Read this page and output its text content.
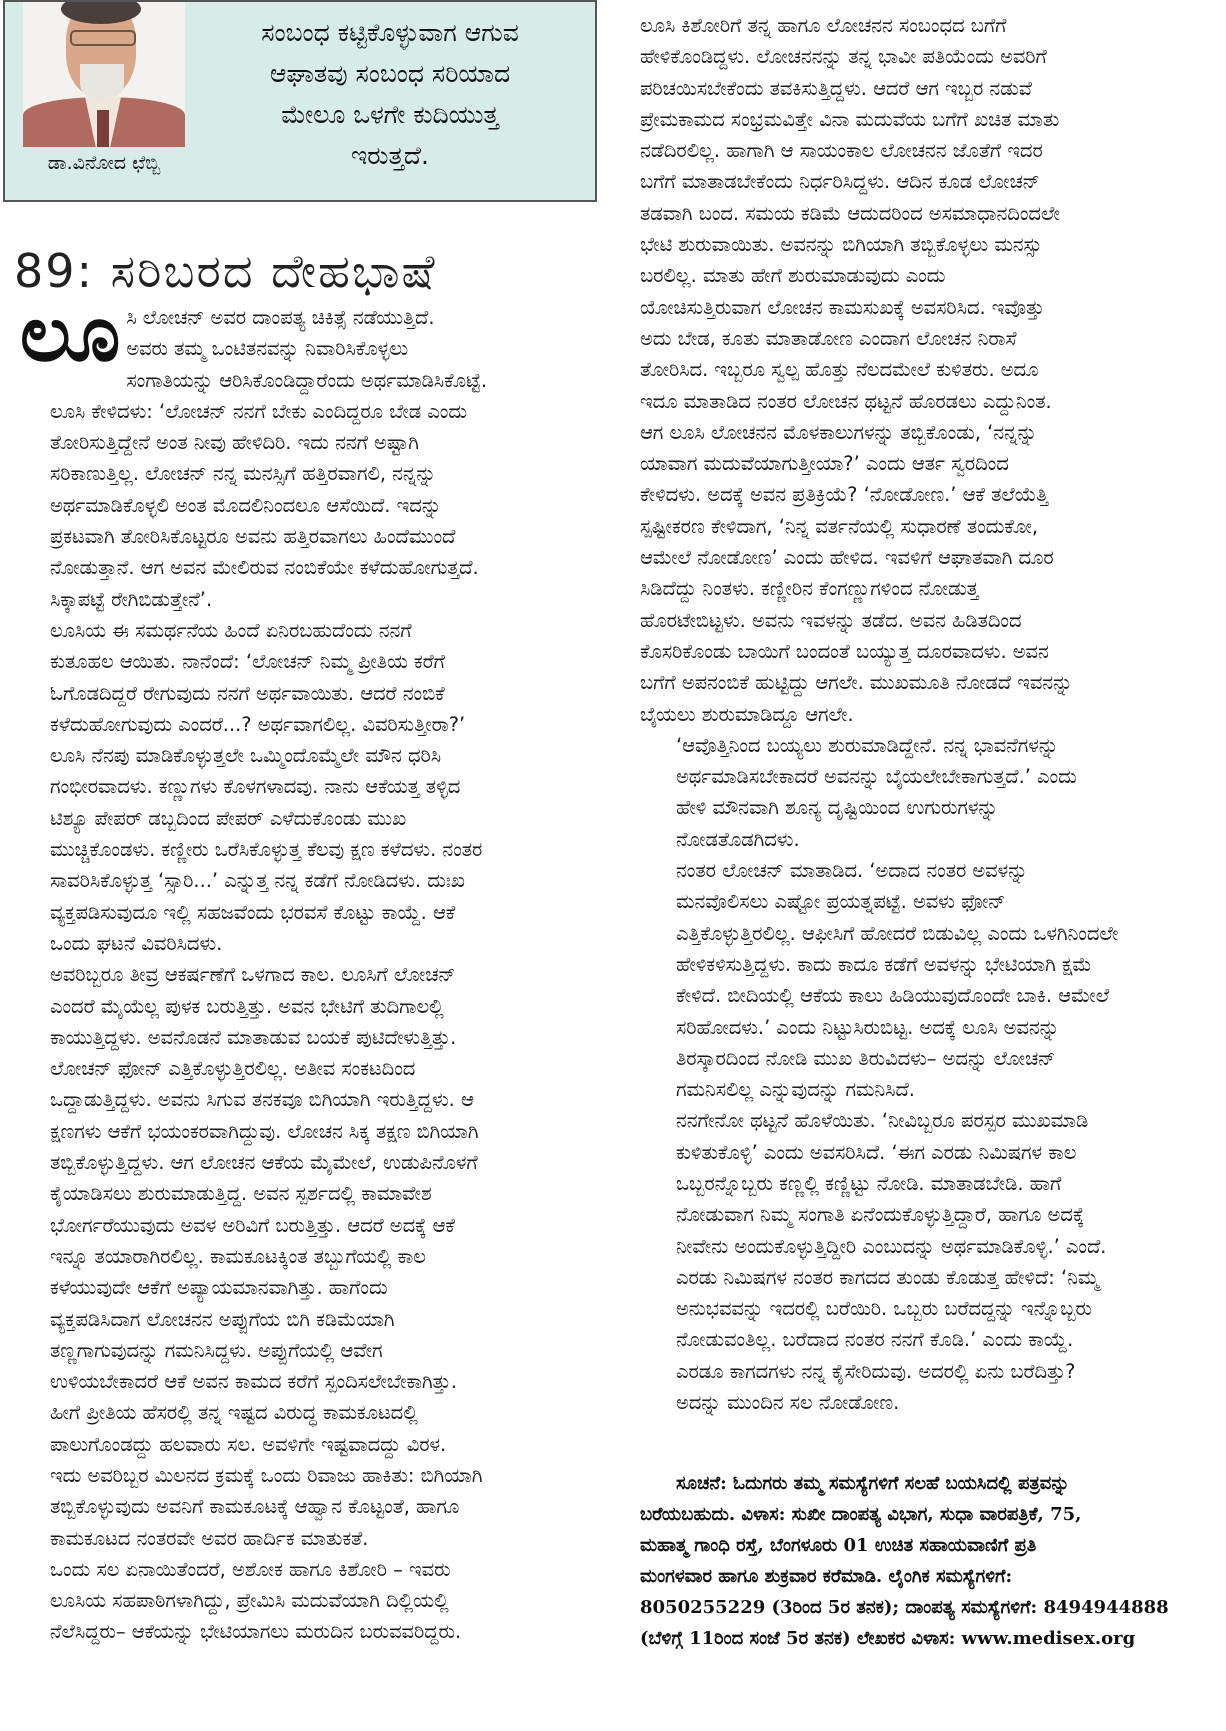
ಡಾ.ವಿನೋದ ಛೆಬ್ಬಿ
ಸಂಬಂಧ ಕಟ್ಟಿಕೊಳ್ಳುವಾಗ ಆಗುವ
ಆಘಾತವು ಸಂಬಂಧ ಸರಿಯಾದ
ಮೇಲೂ ಒಳಗೇ ಕುದಿಯುತ್ತ
ಇರುತ್ತದೆ.
89: ಸರಿಬರದ ದೇಹಭಾಷೆ

ಲೂ ಸಿ ಲೋಚನ್ ಅವರ ದಾಂಪತ್ಯ ಚಿಕಿತ್ಸೆ ನಡೆಯುತ್ತಿದೆ.
ಅವರು ತಮ್ಮ ಒಂಟಿತನವನ್ನು ನಿವಾರಿಸಿಕೊಳ್ಳಲು
ಸಂಗಾತಿಯನ್ನು ಆರಿಸಿಕೊಂಡಿದ್ದಾರೆಂದು ಅರ್ಥಮಾಡಿಸಿಕೊಟ್ಟೆ.

ಲೂಸಿ ಕೇಳಿದಳು: ‘ಲೋಚನ್ ನನಗೆ ಬೇಕು ಎಂದಿದ್ದರೂ ಬೇಡ ಎಂದು
ತೋರಿಸುತ್ತಿದ್ದೇನೆ ಅಂತ ನೀವು ಹೇಳಿದಿರಿ. ಇದು ನನಗೆ ಅಷ್ಟಾಗಿ
ಸರಿಕಾಣುತ್ತಿಲ್ಲ. ಲೋಚನ್ ನನ್ನ ಮನಸ್ಸಿಗೆ ಹತ್ತಿರವಾಗಲಿ, ನನ್ನನ್ನು
ಅರ್ಥಮಾಡಿಕೊಳ್ಳಲಿ ಅಂತ ಮೊದಲಿನಿಂದಲೂ ಆಸೆಯಿದೆ. ಇದನ್ನು
ಪ್ರಕಟವಾಗಿ ತೋರಿಸಿಕೊಟ್ಟರೂ ಅವನು ಹತ್ತಿರವಾಗಲು ಹಿಂದೆಮುಂದೆ
ನೋಡುತ್ತಾನೆ. ಆಗ ಅವನ ಮೇಲಿರುವ ನಂಬಿಕೆಯೇ ಕಳೆದುಹೋಗುತ್ತದೆ.
ಸಿಕ್ಕಾಪಟ್ಟೆ ರೇಗಿಬಿಡುತ್ತೇನೆ’.

ಲೂಸಿಯ ಈ ಸಮರ್ಥನೆಯ ಹಿಂದೆ ಏನಿರಬಹುದೆಂದು ನನಗೆ
ಕುತೂಹಲ ಆಯಿತು. ನಾನೆಂದೆ: ‘ಲೋಚನ್ ನಿಮ್ಮ ಪ್ರೀತಿಯ ಕರೆಗೆ
ಓಗೊಡದಿದ್ದರೆ ರೇಗುವುದು ನನಗೆ ಅರ್ಥವಾಯಿತು. ಆದರೆ ನಂಬಿಕೆ
ಕಳೆದುಹೋಗುವುದು ಎಂದರೆ...? ಅರ್ಥವಾಗಲಿಲ್ಲ. ವಿವರಿಸುತ್ತೀರಾ?’

ಲೂಸಿ ನೆನಪು ಮಾಡಿಕೊಳ್ಳುತ್ತಲೇ ಒಮ್ಮಿಂದೊಮ್ಮೆಲೇ ಮೌನ ಧರಿಸಿ
ಗಂಭೀರವಾದಳು. ಕಣ್ಣುಗಳು ಕೊಳಗಳಾದವು. ನಾನು ಆಕೆಯತ್ತ ತಳ್ಳಿದ
ಟಿಶ್ಯೂ ಪೇಪರ್ ಡಬ್ಬದಿಂದ ಪೇಪರ್ ಎಳೆದುಕೊಂಡು ಮುಖ
ಮುಚ್ಚಿಕೊಂಡಳು. ಕಣ್ಣೀರು ಒರೆಸಿಕೊಳ್ಳುತ್ತ ಕೆಲವು ಕ್ಷಣ ಕಳೆದಳು. ನಂತರ
ಸಾವರಿಸಿಕೊಳ್ಳುತ್ತ ‘ಸ್ಸಾರಿ...’ ಎನ್ನುತ್ತ ನನ್ನ ಕಡೆಗೆ ನೋಡಿದಳು. ದುಃಖ
ವ್ಯಕ್ತಪಡಿಸುವುದೂ ಇಲ್ಲಿ ಸಹಜವೆಂದು ಭರವಸೆ ಕೊಟ್ಟು ಕಾಯ್ದೆ. ಆಕೆ
ಒಂದು ಘಟನೆ ವಿವರಿಸಿದಳು.

ಅವರಿಬ್ಬರೂ ತೀವ್ರ ಆಕರ್ಷಣೆಗೆ ಒಳಗಾದ ಕಾಲ. ಲೂಸಿಗೆ ಲೋಚನ್
ಎಂದರೆ ಮೈಯೆಲ್ಲ ಪುಳಕ ಬರುತ್ತಿತ್ತು. ಅವನ ಭೇಟಿಗೆ ತುದಿಗಾಲಲ್ಲಿ
ಕಾಯುತ್ತಿದ್ದಳು. ಅವನೊಡನೆ ಮಾತಾಡುವ ಬಯಕೆ ಪುಟಿದೇಳುತ್ತಿತ್ತು.
ಲೋಚನ್ ಫೋನ್ ಎತ್ತಿಕೊಳ್ಳುತ್ತಿರಲಿಲ್ಲ. ಅತೀವ ಸಂಕಟದಿಂದ
ಒದ್ದಾಡುತ್ತಿದ್ದಳು. ಅವನು ಸಿಗುವ ತನಕವೂ ಬಿಗಿಯಾಗಿ ಇರುತ್ತಿದ್ದಳು. ಆ
ಕ್ಷಣಗಳು ಆಕೆಗೆ ಭಯಂಕರವಾಗಿದ್ದುವು. ಲೋಚನ ಸಿಕ್ಕ ತಕ್ಷಣ ಬಿಗಿಯಾಗಿ
ತಬ್ಬಿಕೊಳ್ಳುತ್ತಿದ್ದಳು. ಆಗ ಲೋಚನ ಆಕೆಯ ಮೈಮೇಲೆ, ಉಡುಪಿನೊಳಗೆ
ಕೈಯಾಡಿಸಲು ಶುರುಮಾಡುತ್ತಿದ್ದ. ಅವನ ಸ್ಪರ್ಶದಲ್ಲಿ ಕಾಮಾವೇಶ
ಭೋರ್ಗರೆಯುವುದು ಅವಳ ಅರಿವಿಗೆ ಬರುತ್ತಿತ್ತು. ಆದರೆ ಅದಕ್ಕೆ ಆಕೆ
ಇನ್ನೂ ತಯಾರಾಗಿರಲಿಲ್ಲ. ಕಾಮಕೂಟಕ್ಕಿಂತ ತಬ್ಬುಗೆಯಲ್ಲಿ ಕಾಲ
ಕಳೆಯುವುದೇ ಆಕೆಗೆ ಅಪ್ಯಾಯಮಾನವಾಗಿತ್ತು. ಹಾಗೆಂದು
ವ್ಯಕ್ತಪಡಿಸಿದಾಗ ಲೋಚನನ ಅಪ್ಪುಗೆಯ ಬಿಗಿ ಕಡಿಮೆಯಾಗಿ
ತಣ್ಣಗಾಗುವುದನ್ನು ಗಮನಿಸಿದ್ದಳು. ಅಪ್ಪುಗೆಯಲ್ಲಿ ಆವೇಗ
ಉಳಿಯಬೇಕಾದರೆ ಆಕೆ ಅವನ ಕಾಮದ ಕರೆಗೆ ಸ್ಪಂದಿಸಲೇಬೇಕಾಗಿತ್ತು.
ಹೀಗೆ ಪ್ರೀತಿಯ ಹೆಸರಲ್ಲಿ ತನ್ನ ಇಷ್ಟದ ವಿರುದ್ಧ ಕಾಮಕೂಟದಲ್ಲಿ
ಪಾಲುಗೊಂಡದ್ದು ಹಲವಾರು ಸಲ. ಅವಳಿಗೇ ಇಷ್ಟವಾದದ್ದು ವಿರಳ.
ಇದು ಅವರಿಬ್ಬರ ಮಿಲನದ ಕ್ರಮಕ್ಕೆ ಒಂದು ರಿವಾಜು ಹಾಕಿತು: ಬಿಗಿಯಾಗಿ
ತಬ್ಬಿಕೊಳ್ಳುವುದು ಅವನಿಗೆ ಕಾಮಕೂಟಕ್ಕೆ ಆಹ್ವಾನ ಕೊಟ್ಟಂತೆ, ಹಾಗೂ
ಕಾಮಕೂಟದ ನಂತರವೇ ಅವರ ಹಾರ್ದಿಕ ಮಾತುಕತೆ.

ಒಂದು ಸಲ ಏನಾಯಿತೆಂದರೆ, ಅಶೋಕ ಹಾಗೂ ಕಿಶೋರಿ – ಇವರು
ಲೂಸಿಯ ಸಹಪಾಠಿಗಳಾಗಿದ್ದು, ಪ್ರೇಮಿಸಿ ಮದುವೆಯಾಗಿ ದಿಲ್ಲಿಯಲ್ಲಿ
ನೆಲೆಸಿದ್ದರು– ಆಕೆಯನ್ನು ಭೇಟಿಯಾಗಲು ಮರುದಿನ ಬರುವವರಿದ್ದರು.

ಲೂಸಿ ಕಿಶೋರಿಗೆ ತನ್ನ ಹಾಗೂ ಲೋಚನನ ಸಂಬಂಧದ ಬಗೆಗೆ
ಹೇಳಿಕೊಂಡಿದ್ದಳು. ಲೋಚನನನ್ನು ತನ್ನ ಭಾವೀ ಪತಿಯೆಂದು ಅವರಿಗೆ
ಪರಿಚಯಿಸಬೇಕೆಂದು ತವಕಿಸುತ್ತಿದ್ದಳು. ಆದರೆ ಆಗ ಇಬ್ಬರ ನಡುವೆ
ಪ್ರೇಮಕಾಮದ ಸಂಭ್ರಮವಿತ್ತೇ ವಿನಾ ಮದುವೆಯ ಬಗೆಗೆ ಖಚಿತ ಮಾತು
ನಡೆದಿರಲಿಲ್ಲ. ಹಾಗಾಗಿ ಆ ಸಾಯಂಕಾಲ ಲೋಚನನ ಜೊತೆಗೆ ಇದರ
ಬಗೆಗೆ ಮಾತಾಡಬೇಕೆಂದು ನಿರ್ಧರಿಸಿದ್ದಳು. ಆದಿನ ಕೂಡ ಲೋಚನ್
ತಡವಾಗಿ ಬಂದ. ಸಮಯ ಕಡಿಮೆ ಆದುದರಿಂದ ಅಸಮಾಧಾನದಿಂದಲೇ
ಭೇಟಿ ಶುರುವಾಯಿತು. ಅವನನ್ನು ಬಿಗಿಯಾಗಿ ತಬ್ಬಿಕೊಳ್ಳಲು ಮನಸ್ಸು
ಬರಲಿಲ್ಲ. ಮಾತು ಹೇಗೆ ಶುರುಮಾಡುವುದು ಎಂದು
ಯೋಚಿಸುತ್ತಿರುವಾಗ ಲೋಚನ ಕಾಮಸುಖಕ್ಕೆ ಅವಸರಿಸಿದ. ಇವೊತ್ತು
ಅದು ಬೇಡ, ಕೂತು ಮಾತಾಡೋಣ ಎಂದಾಗ ಲೋಚನ ನಿರಾಸೆ
ತೋರಿಸಿದ. ಇಬ್ಬರೂ ಸ್ವಲ್ಪ ಹೊತ್ತು ನೆಲದಮೇಲೆ ಕುಳಿತರು. ಅದೂ
ಇದೂ ಮಾತಾಡಿದ ನಂತರ ಲೋಚನ ಥಟ್ಟನೆ ಹೊರಡಲು ಎದ್ದುನಿಂತ.
ಆಗ ಲೂಸಿ ಲೋಚನನ ಮೊಳಕಾಲುಗಳನ್ನು ತಬ್ಬಿಕೊಂಡು, ‘ನನ್ನನ್ನು
ಯಾವಾಗ ಮದುವೆಯಾಗುತ್ತೀಯಾ?’ ಎಂದು ಆರ್ತ ಸ್ವರದಿಂದ
ಕೇಳಿದಳು. ಅದಕ್ಕೆ ಅವನ ಪ್ರತಿಕ್ರಿಯೆ? ‘ನೋಡೋಣ.’ ಆಕೆ ತಲೆಯೆತ್ತಿ
ಸ್ಪಷ್ಟೀಕರಣ ಕೇಳಿದಾಗ, ‘ನಿನ್ನ ವರ್ತನೆಯಲ್ಲಿ ಸುಧಾರಣೆ ತಂದುಕೋ,
ಆಮೇಲೆ ನೋಡೋಣ’ ಎಂದು ಹೇಳಿದ. ಇವಳಿಗೆ ಆಘಾತವಾಗಿ ದೂರ
ಸಿಡಿದೆದ್ದು ನಿಂತಳು. ಕಣ್ಣೀರಿನ ಕೆಂಗಣ್ಣುಗಳಿಂದ ನೋಡುತ್ತ
ಹೊರಟೇಬಿಟ್ಟಳು. ಅವನು ಇವಳನ್ನು ತಡೆದ. ಅವನ ಹಿಡಿತದಿಂದ
ಕೊಸರಿಕೊಂಡು ಬಾಯಿಗೆ ಬಂದಂತೆ ಬಯ್ಯುತ್ತ ದೂರವಾದಳು. ಅವನ
ಬಗೆಗೆ ಅಪನಂಬಿಕೆ ಹುಟ್ಟಿದ್ದು ಆಗಲೇ. ಮುಖಮೂತಿ ನೋಡದೆ ಇವನನ್ನು
ಬೈಯಲು ಶುರುಮಾಡಿದ್ದೂ ಆಗಲೇ.

‘ಆವೊತ್ತಿನಿಂದ ಬಯ್ಯಲು ಶುರುಮಾಡಿದ್ದೇನೆ. ನನ್ನ ಭಾವನೆಗಳನ್ನು
ಅರ್ಥಮಾಡಿಸಬೇಕಾದರೆ ಅವನನ್ನು ಬೈಯಲೇಬೇಕಾಗುತ್ತದೆ.’ ಎಂದು
ಹೇಳಿ ಮೌನವಾಗಿ ಶೂನ್ಯ ದೃಷ್ಟಿಯಿಂದ ಉಗುರುಗಳನ್ನು
ನೋಡತೊಡಗಿದಳು.

ನಂತರ ಲೋಚನ್ ಮಾತಾಡಿದ. ‘ಅದಾದ ನಂತರ ಅವಳನ್ನು
ಮನವೊಲಿಸಲು ಎಷ್ಟೋ ಪ್ರಯತ್ನಪಟ್ಟೆ. ಅವಳು ಫೋನ್
ಎತ್ತಿಕೊಳ್ಳುತ್ತಿರಲಿಲ್ಲ. ಆಫೀಸಿಗೆ ಹೋದರೆ ಬಿಡುವಿಲ್ಲ ಎಂದು ಒಳಗಿನಿಂದಲೇ
ಹೇಳಿಕಳಿಸುತ್ತಿದ್ದಳು. ಕಾದು ಕಾದೂ ಕಡೆಗೆ ಅವಳನ್ನು ಭೇಟಿಯಾಗಿ ಕ್ಷಮೆ
ಕೇಳಿದೆ. ಬೀದಿಯಲ್ಲಿ ಆಕೆಯ ಕಾಲು ಹಿಡಿಯುವುದೊಂದೇ ಬಾಕಿ. ಆಮೇಲೆ
ಸರಿಹೋದಳು.’ ಎಂದು ನಿಟ್ಟುಸಿರುಬಿಟ್ಟ. ಅದಕ್ಕೆ ಲೂಸಿ ಅವನನ್ನು
ತಿರಸ್ಕಾರದಿಂದ ನೋಡಿ ಮುಖ ತಿರುವಿದಳು– ಅದನ್ನು ಲೋಚನ್
ಗಮನಿಸಲಿಲ್ಲ ಎನ್ನುವುದನ್ನು ಗಮನಿಸಿದೆ.

ನನಗೇನೋ ಥಟ್ಟನೆ ಹೊಳೆಯಿತು. ‘ನೀವಿಬ್ಬರೂ ಪರಸ್ಪರ ಮುಖಮಾಡಿ
ಕುಳಿತುಕೊಳ್ಳಿ’ ಎಂದು ಅವಸರಿಸಿದೆ. ‘ಈಗ ಎರಡು ನಿಮಿಷಗಳ ಕಾಲ
ಒಬ್ಬರನ್ನೊಬ್ಬರು ಕಣ್ಣಲ್ಲಿ ಕಣ್ಣಿಟ್ಟು ನೋಡಿ. ಮಾತಾಡಬೇಡಿ. ಹಾಗೆ
ನೋಡುವಾಗ ನಿಮ್ಮ ಸಂಗಾತಿ ಏನೆಂದುಕೊಳ್ಳುತ್ತಿದ್ದಾರೆ, ಹಾಗೂ ಅದಕ್ಕೆ
ನೀವೇನು ಅಂದುಕೊಳ್ಳುತ್ತಿದ್ದೀರಿ ಎಂಬುದನ್ನು ಅರ್ಥಮಾಡಿಕೊಳ್ಳಿ.’ ಎಂದೆ.
ಎರಡು ನಿಮಿಷಗಳ ನಂತರ ಕಾಗದದ ತುಂಡು ಕೊಡುತ್ತ ಹೇಳಿದೆ: ‘ನಿಮ್ಮ
ಅನುಭವವನ್ನು ಇದರಲ್ಲಿ ಬರೆಯಿರಿ. ಒಬ್ಬರು ಬರೆದದ್ದನ್ನು ಇನ್ನೊಬ್ಬರು
ನೋಡುವಂತಿಲ್ಲ. ಬರೆದಾದ ನಂತರ ನನಗೆ ಕೊಡಿ.’ ಎಂದು ಕಾಯ್ದೆ.

ಎರಡೂ ಕಾಗದಗಳು ನನ್ನ ಕೈಸೇರಿದುವು. ಅದರಲ್ಲಿ ಏನು ಬರೆದಿತ್ತು?
ಅದನ್ನು ಮುಂದಿನ ಸಲ ನೋಡೋಣ.

ಸೂಚನೆ: ಓದುಗರು ತಮ್ಮ ಸಮಸ್ಯೆಗಳಿಗೆ ಸಲಹೆ ಬಯಸಿದಲ್ಲಿ ಪತ್ರವನ್ನು
ಬರೆಯಬಹುದು. ವಿಳಾಸ: ಸುಖೀ ದಾಂಪತ್ಯ ವಿಭಾಗ, ಸುಧಾ ವಾರಪತ್ರಿಕೆ, 75,
ಮಹಾತ್ಮ ಗಾಂಧಿ ರಸ್ತೆ, ಬೆಂಗಳೂರು 01 ಉಚಿತ ಸಹಾಯವಾಣಿಗೆ ಪ್ರತಿ
ಮಂಗಳವಾರ ಹಾಗೂ ಶುಕ್ರವಾರ ಕರೆಮಾಡಿ. ಲೈಂಗಿಕ ಸಮಸ್ಯೆಗಳಿಗೆ:
8050255229 (3ರಿಂದ 5ರ ತನಕ); ದಾಂಪತ್ಯ ಸಮಸ್ಯೆಗಳಿಗೆ: 8494944888
(ಬೆಳಿಗ್ಗೆ 11ರಿಂದ ಸಂಜೆ 5ರ ತನಕ) ಲೇಖಕರ ವಿಳಾಸ: www.medisex.org
